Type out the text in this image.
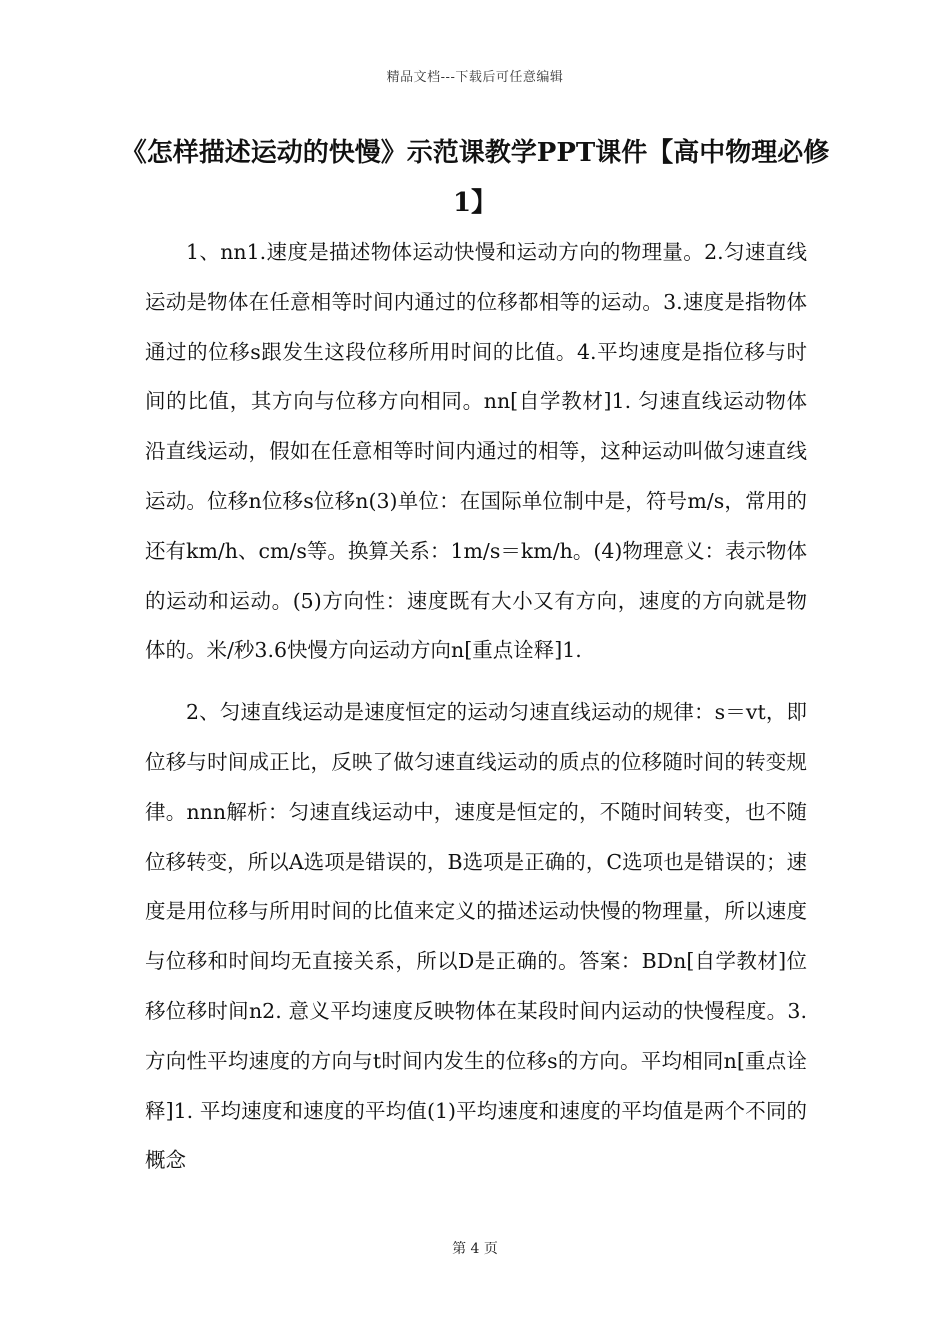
精品文档---下载后可任意编辑
《怎样描述运动的快慢》示范课教学PPT课件【高中物理必修1】

1、nn1.速度是描述物体运动快慢和运动方向的物理量。2.匀速直线运动是物体在任意相等时间内通过的位移都相等的运动。3.速度是指物体通过的位移s跟发生这段位移所用时间的比值。4.平均速度是指位移与时间的比值，其方向与位移方向相同。nn[自学教材]1. 匀速直线运动物体沿直线运动，假如在任意相等时间内通过的相等，这种运动叫做匀速直线运动。位移n位移s位移n(3)单位：在国际单位制中是，符号m/s，常用的还有km/h、cm/s等。换算关系：1m/s＝km/h。(4)物理意义：表示物体的运动和运动。(5)方向性：速度既有大小又有方向，速度的方向就是物体的。米/秒3.6快慢方向运动方向n[重点诠释]1.

2、匀速直线运动是速度恒定的运动匀速直线运动的规律：s＝vt，即位移与时间成正比，反映了做匀速直线运动的质点的位移随时间的转变规律。nnn解析：匀速直线运动中，速度是恒定的，不随时间转变，也不随位移转变，所以A选项是错误的，B选项是正确的，C选项也是错误的；速度是用位移与所用时间的比值来定义的描述运动快慢的物理量，所以速度与位移和时间均无直接关系，所以D是正确的。答案：BDn[自学教材]位移位移时间n2. 意义平均速度反映物体在某段时间内运动的快慢程度。3. 方向性平均速度的方向与t时间内发生的位移s的方向。平均相同n[重点诠释]1. 平均速度和速度的平均值(1)平均速度和速度的平均值是两个不同的概念

第 4 页
